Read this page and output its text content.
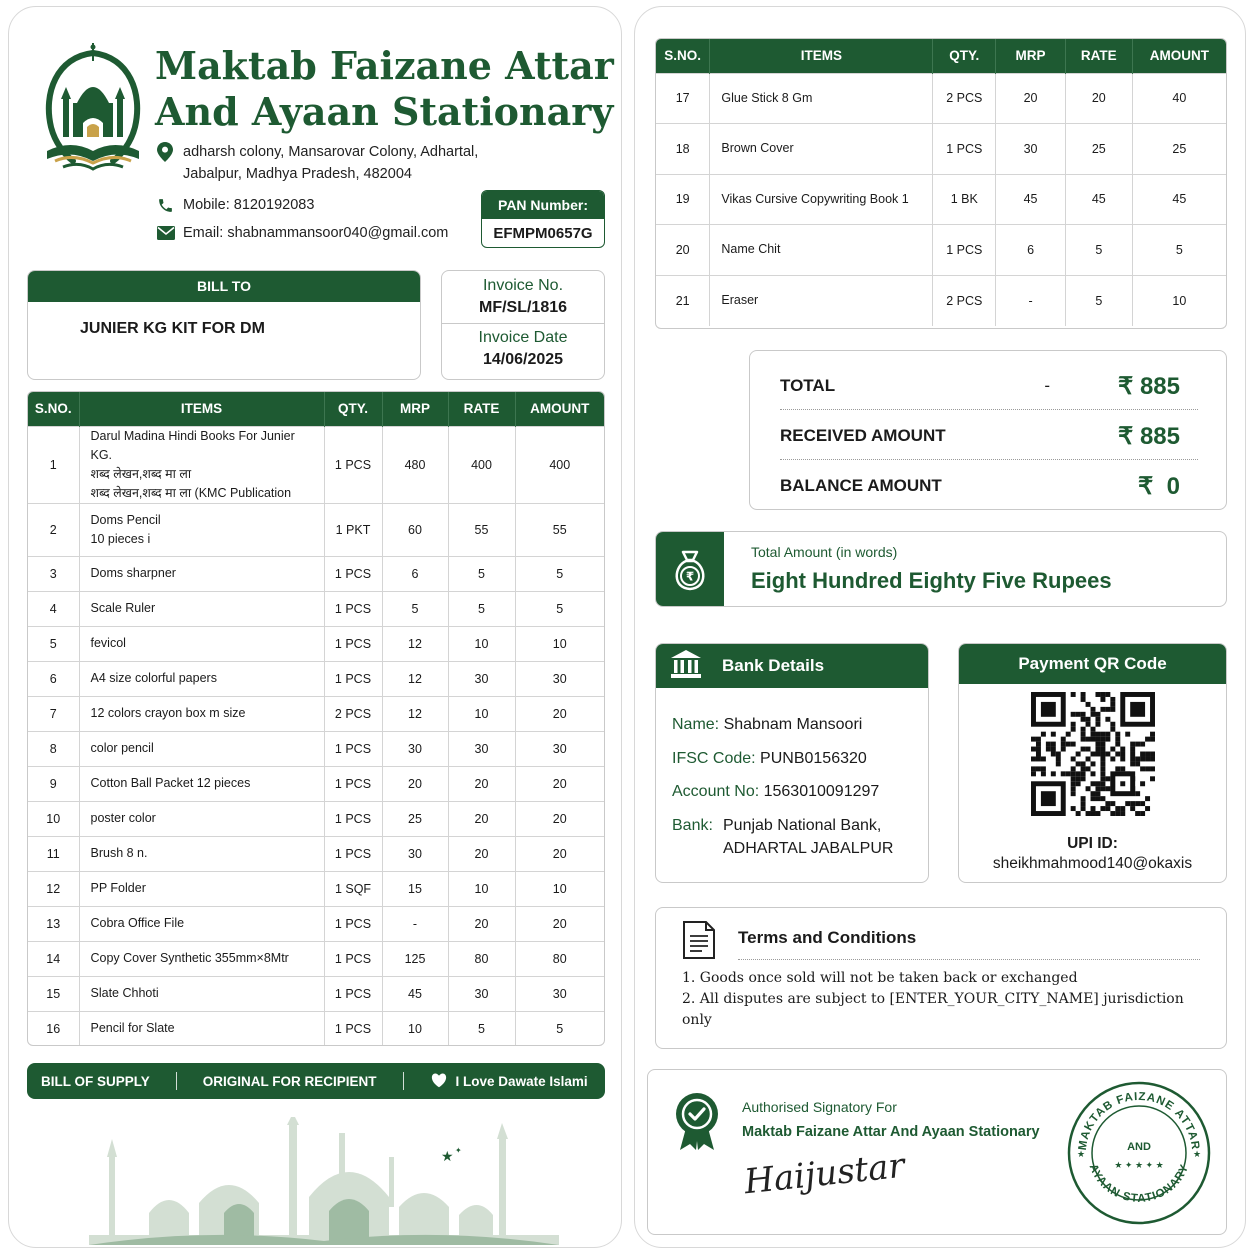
Maktab Faizane Attar
And Ayaan Stationary
adharsh colony, Mansarovar Colony, Adhartal,
Jabalpur, Madhya Pradesh, 482004
Mobile: 8120192083
Email: shabnammansoor040@gmail.com
PAN Number:
EFMPM0657G
BILL TO
JUNIER KG KIT FOR DM
Invoice No.
MF/SL/1816
Invoice Date
14/06/2025
S.NO.	ITEMS	QTY.	MRP	RATE	AMOUNT
1	Darul Madina Hindi Books For Junier KG.
शब्द लेखन,शब्द मा ला
शब्द लेखन,शब्द मा ला (KMC Publication	1 PCS	480	400	400
2	Doms Pencil
10 pieces i	1 PKT	60	55	55
3	Doms sharpner	1 PCS	6	5	5
4	Scale Ruler	1 PCS	5	5	5
5	fevicol	1 PCS	12	10	10
6	A4 size colorful papers	1 PCS	12	30	30
7	12 colors crayon box m size	2 PCS	12	10	20
8	color pencil	1 PCS	30	30	30
9	Cotton Ball Packet 12 pieces	1 PCS	20	20	20
10	poster color	1 PCS	25	20	20
11	Brush 8 n.	1 PCS	30	20	20
12	PP Folder	1 SQF	15	10	10
13	Cobra Office File	1 PCS	-	20	20
14	Copy Cover Synthetic 355mm×8Mtr	1 PCS	125	80	80
15	Slate Chhoti	1 PCS	45	30	30
16	Pencil for Slate	1 PCS	10	5	5
BILL OF SUPPLY	ORIGINAL FOR RECIPIENT	I Love Dawate Islami
★ ✦
S.NO.	ITEMS	QTY.	MRP	RATE	AMOUNT
17	Glue Stick 8 Gm	2 PCS	20	20	40
18	Brown Cover	1 PCS	30	25	25
19	Vikas Cursive Copywriting Book 1	1 BK	45	45	45
20	Name Chit	1 PCS	6	5	5
21	Eraser	2 PCS	-	5	10
TOTAL	-	₹ 885
RECEIVED AMOUNT	₹ 885
BALANCE AMOUNT	₹  0
₹
Total Amount (in words)
Eight Hundred Eighty Five Rupees
Bank Details
Name: Shabnam Mansoori
IFSC Code: PUNB0156320
Account No: 1563010091297
Bank: Punjab National Bank,
ADHARTAL JABALPUR
Payment QR Code
UPI ID:
sheikhmahmood140@okaxis
Terms and Conditions
1. Goods once sold will not be taken back or exchanged
2. All disputes are subject to [ENTER_YOUR_CITY_NAME] jurisdiction only
Authorised Signatory For
Maktab Faizane Attar And Ayaan Stationary
Haijustar
MAKTAB FAIZANE ATTAR
AYAAN STATIONARY
AND
★ ✦ ★ ✦ ★
★	★
